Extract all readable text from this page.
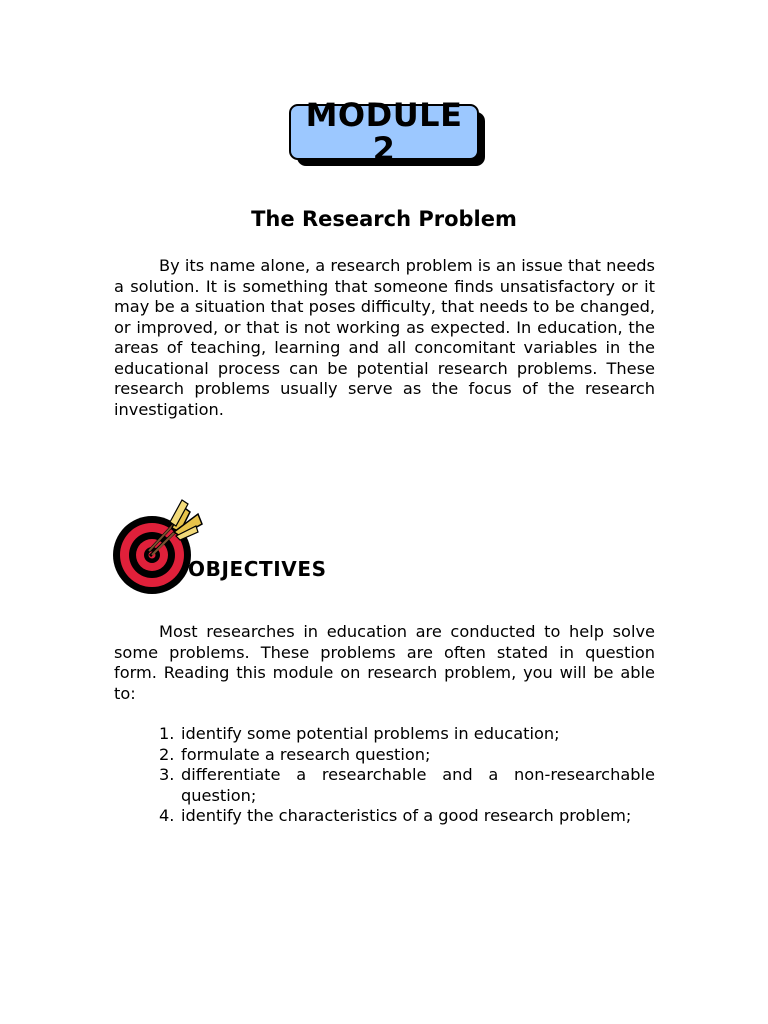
MODULE
2
The Research Problem

By its name alone, a research problem is an issue that needs a solution. It is something that someone finds unsatisfactory or it may be a situation that poses difficulty, that needs to be changed, or improved, or that is not working as expected. In education, the areas of teaching, learning and all concomitant variables in the educational process can be potential research problems. These research problems usually serve as the focus of the research investigation.

OBJECTIVES

Most researches in education are conducted to help solve some problems. These problems are often stated in question form. Reading this module on research problem, you will be able to:

1. identify some potential problems in education;
2. formulate a research question;
3. differentiate a researchable and a non-researchable question;
4. identify the characteristics of a good research problem;
